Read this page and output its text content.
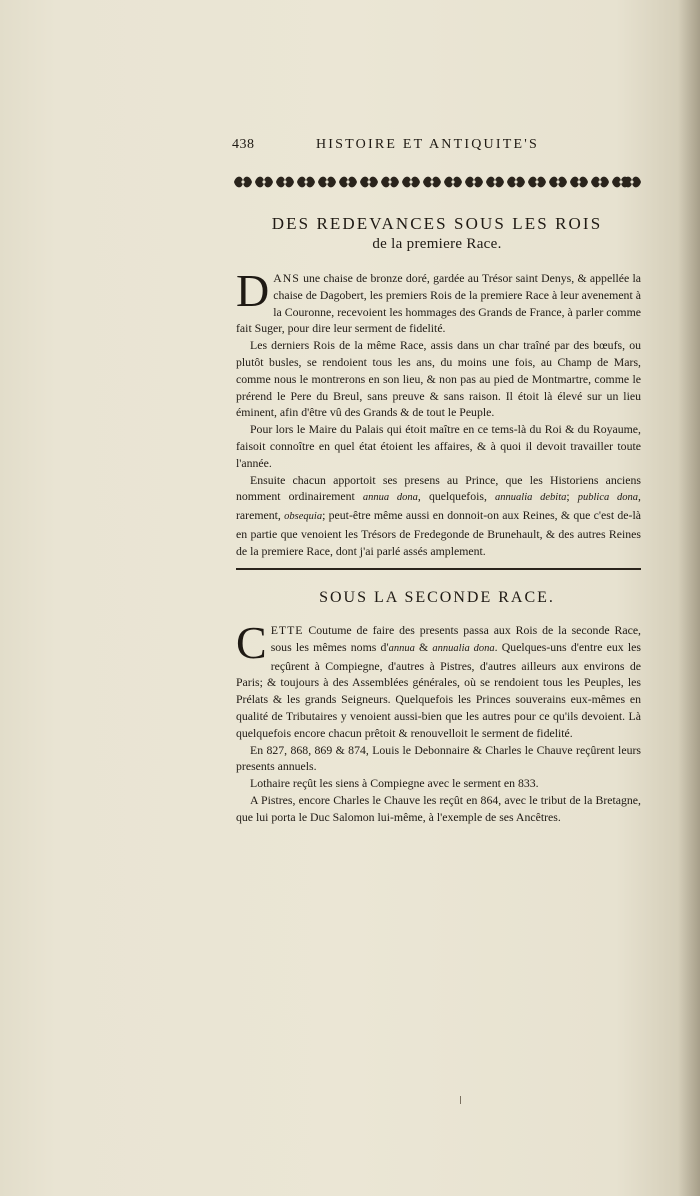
438	HISTOIRE ET ANTIQUITE'S
DES REDEVANCES SOUS LES ROIS
de la premiere Race.

DANS une chaise de bronze doré, gardée au Trésor saint Denys, & appellée la chaise de Dagobert, les premiers Rois de la premiere Race à leur avenement à la Couronne, recevoient les hommages des Grands de France, à parler comme fait Suger, pour dire leur serment de fidelité.

Les derniers Rois de la même Race, assis dans un char traîné par des bœufs, ou plutôt busles, se rendoient tous les ans, du moins une fois, au Champ de Mars, comme nous le montrerons en son lieu, & non pas au pied de Montmartre, comme le prérend le Pere du Breul, sans preuve & sans raison. Il étoit là élevé sur un lieu éminent, afin d'être vû des Grands & de tout le Peuple.

Pour lors le Maire du Palais qui étoit maître en ce tems-là du Roi & du Royaume, faisoit connoître en quel état étoient les affaires, & à quoi il devoit travailler toute l'année.

Ensuite chacun apportoit ses presens au Prince, que les Historiens anciens nomment ordinairement annua dona, quelquefois, annualia debita; publica dona, rarement, obsequia; peut-être même aussi en donnoit-on aux Reines, & que c'est de-là en partie que venoient les Trésors de Fredegonde de Brunehault, & des autres Reines de la premiere Race, dont j'ai parlé assés amplement.

SOUS LA SECONDE RACE.

CETTE Coutume de faire des presents passa aux Rois de la seconde Race, sous les mêmes noms d'annua & annualia dona. Quelques-uns d'entre eux les reçûrent à Compiegne, d'autres à Pistres, d'autres ailleurs aux environs de Paris; & toujours à des Assemblées générales, où se rendoient tous les Peuples, les Prélats & les grands Seigneurs. Quelquefois les Princes souverains eux-mêmes en qualité de Tributaires y venoient aussi-bien que les autres pour ce qu'ils devoient. Là quelquefois encore chacun prêtoit & renouvelloit le serment de fidelité.

En 827, 868, 869 & 874, Louis le Debonnaire & Charles le Chauve reçûrent leurs presents annuels.

Lothaire reçût les siens à Compiegne avec le serment en 833.

A Pistres, encore Charles le Chauve les reçût en 864, avec le tribut de la Bretagne, que lui porta le Duc Salomon lui-même, à l'exemple de ses Ancêtres.
